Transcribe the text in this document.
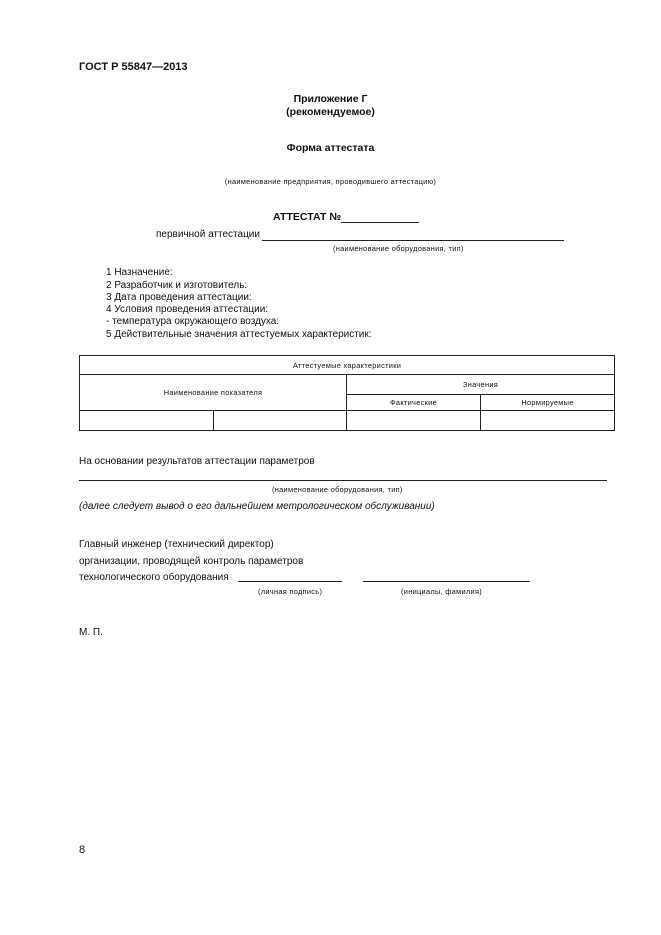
ГОСТ Р 55847—2013
Приложение Г
(рекомендуемое)
Форма аттестата
(наименование предприятия, проводившего аттестацию)
АТТЕСТАТ №
первичной аттестации
(наименование оборудования, тип)
1 Назначение:
2 Разработчик и изготовитель:
3 Дата проведения аттестации:
4 Условия проведения аттестации:
- температура окружающего воздуха:
5 Действительные значения аттестуемых характеристик:
Аттестуемые характеристики			
Наименование показателя		Значения	
		Фактические	Нормируемые

На основании результатов аттестации параметров
(наименование оборудования, тип)
(далее следует вывод о его дальнейшем метрологическом обслуживании)
Главный инженер (технический директор)
организации, проводящей контроль параметров
технологического оборудования
(личная подпись)	(инициалы, фамилия)
М. П.
8
